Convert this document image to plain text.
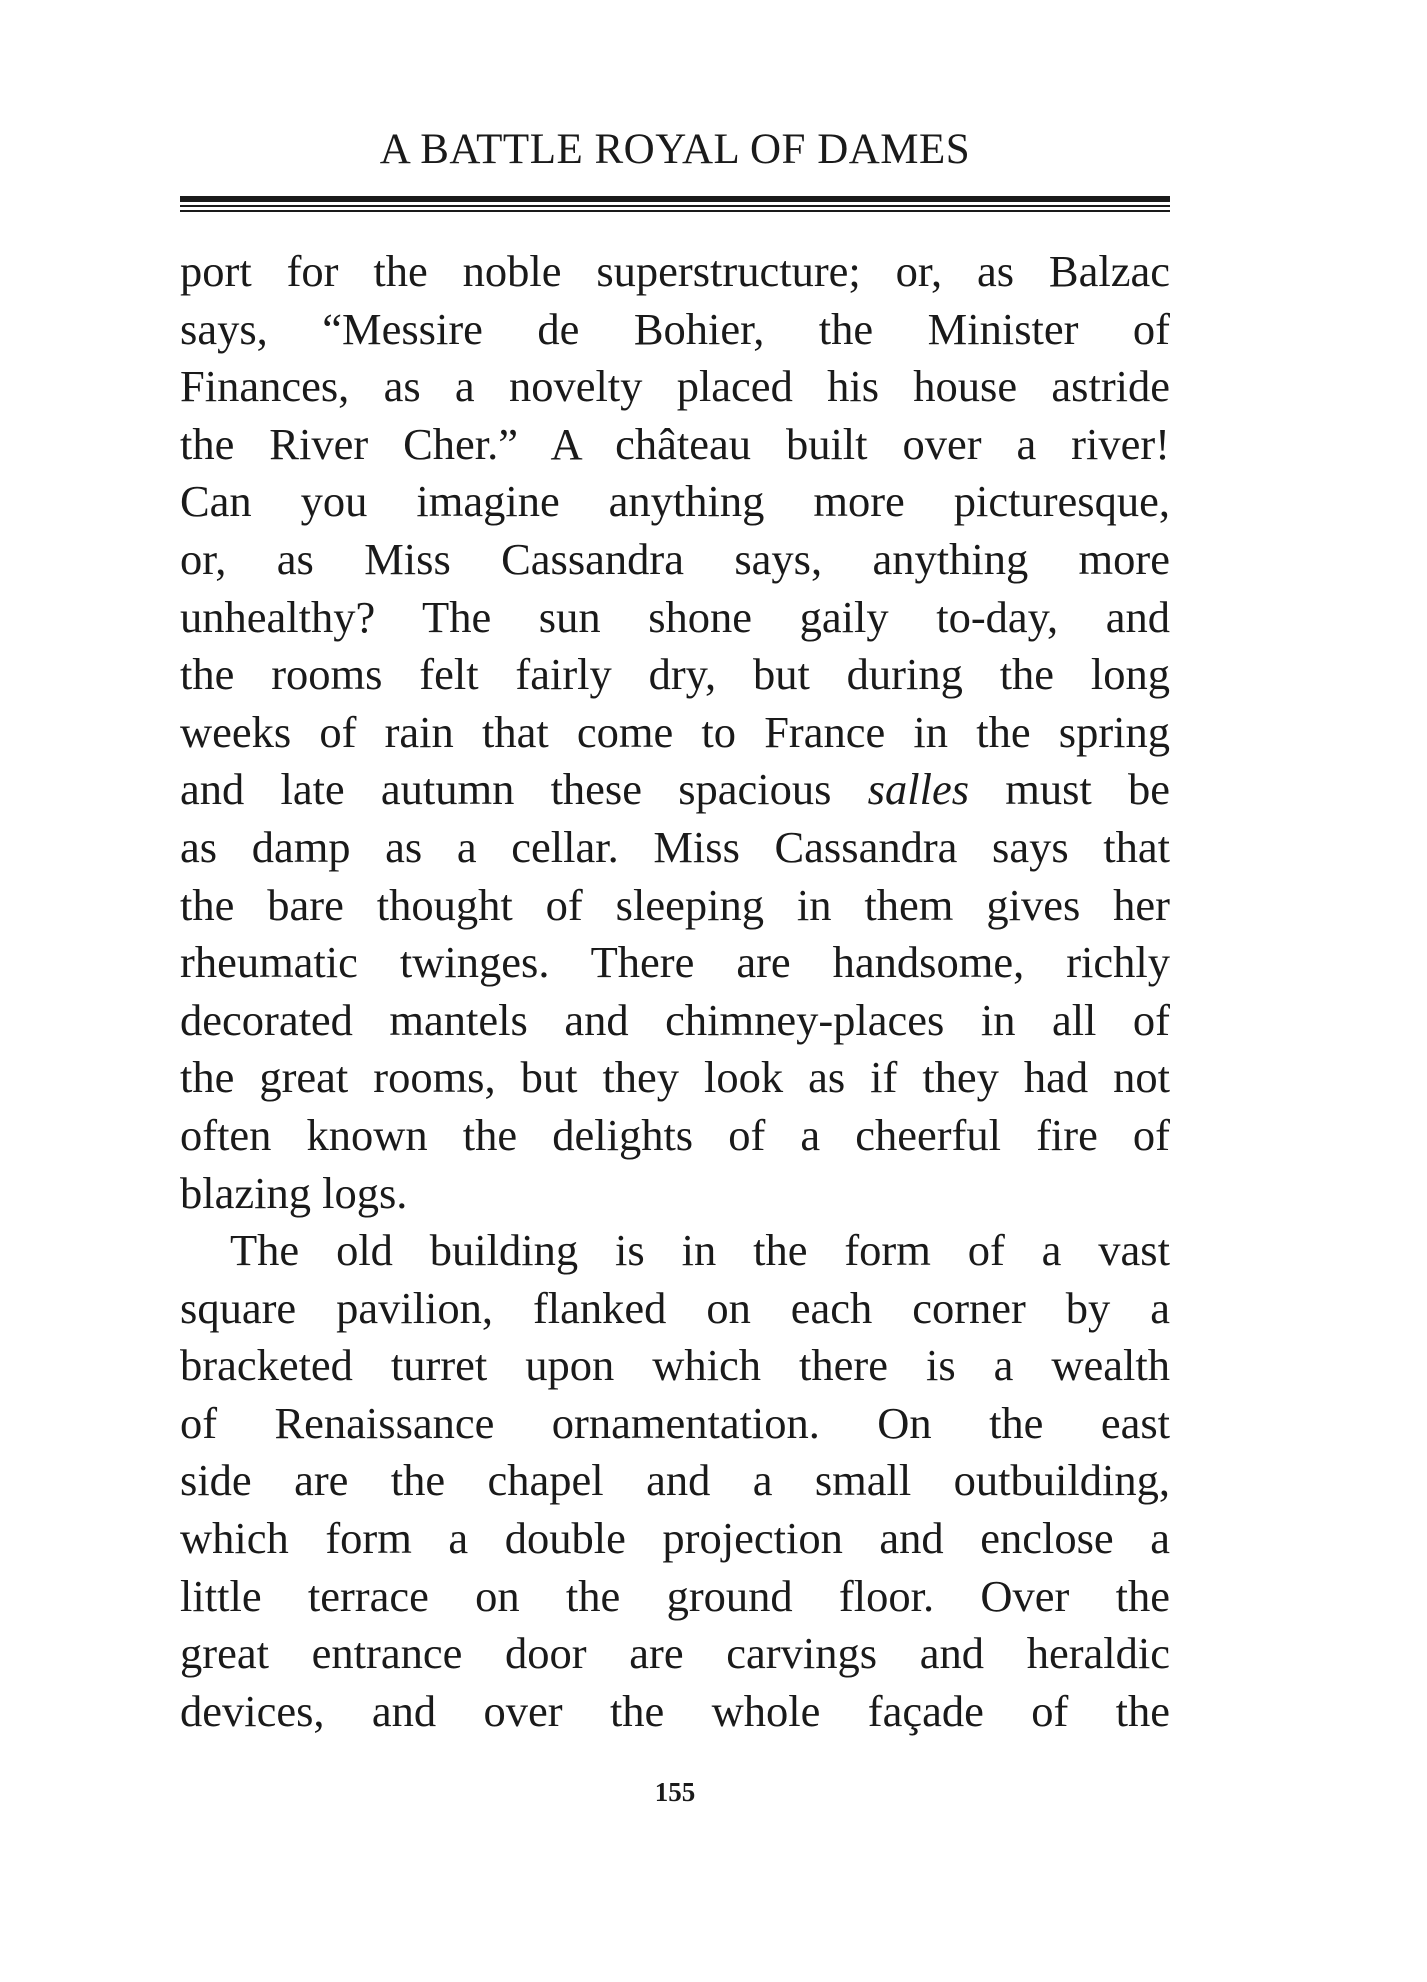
A BATTLE ROYAL OF DAMES
port for the noble superstructure; or, as Balzac
says, “Messire de Bohier, the Minister of
Finances, as a novelty placed his house astride
the River Cher.” A château built over a river!
Can you imagine anything more picturesque,
or, as Miss Cassandra says, anything more
unhealthy? The sun shone gaily to-day, and
the rooms felt fairly dry, but during the long
weeks of rain that come to France in the spring
and late autumn these spacious salles must be
as damp as a cellar. Miss Cassandra says that
the bare thought of sleeping in them gives her
rheumatic twinges. There are handsome, richly
decorated mantels and chimney-places in all of
the great rooms, but they look as if they had not
often known the delights of a cheerful fire of
blazing logs.
The old building is in the form of a vast
square pavilion, flanked on each corner by a
bracketed turret upon which there is a wealth
of Renaissance ornamentation. On the east
side are the chapel and a small outbuilding,
which form a double projection and enclose a
little terrace on the ground floor. Over the
great entrance door are carvings and heraldic
devices, and over the whole façade of the
155
